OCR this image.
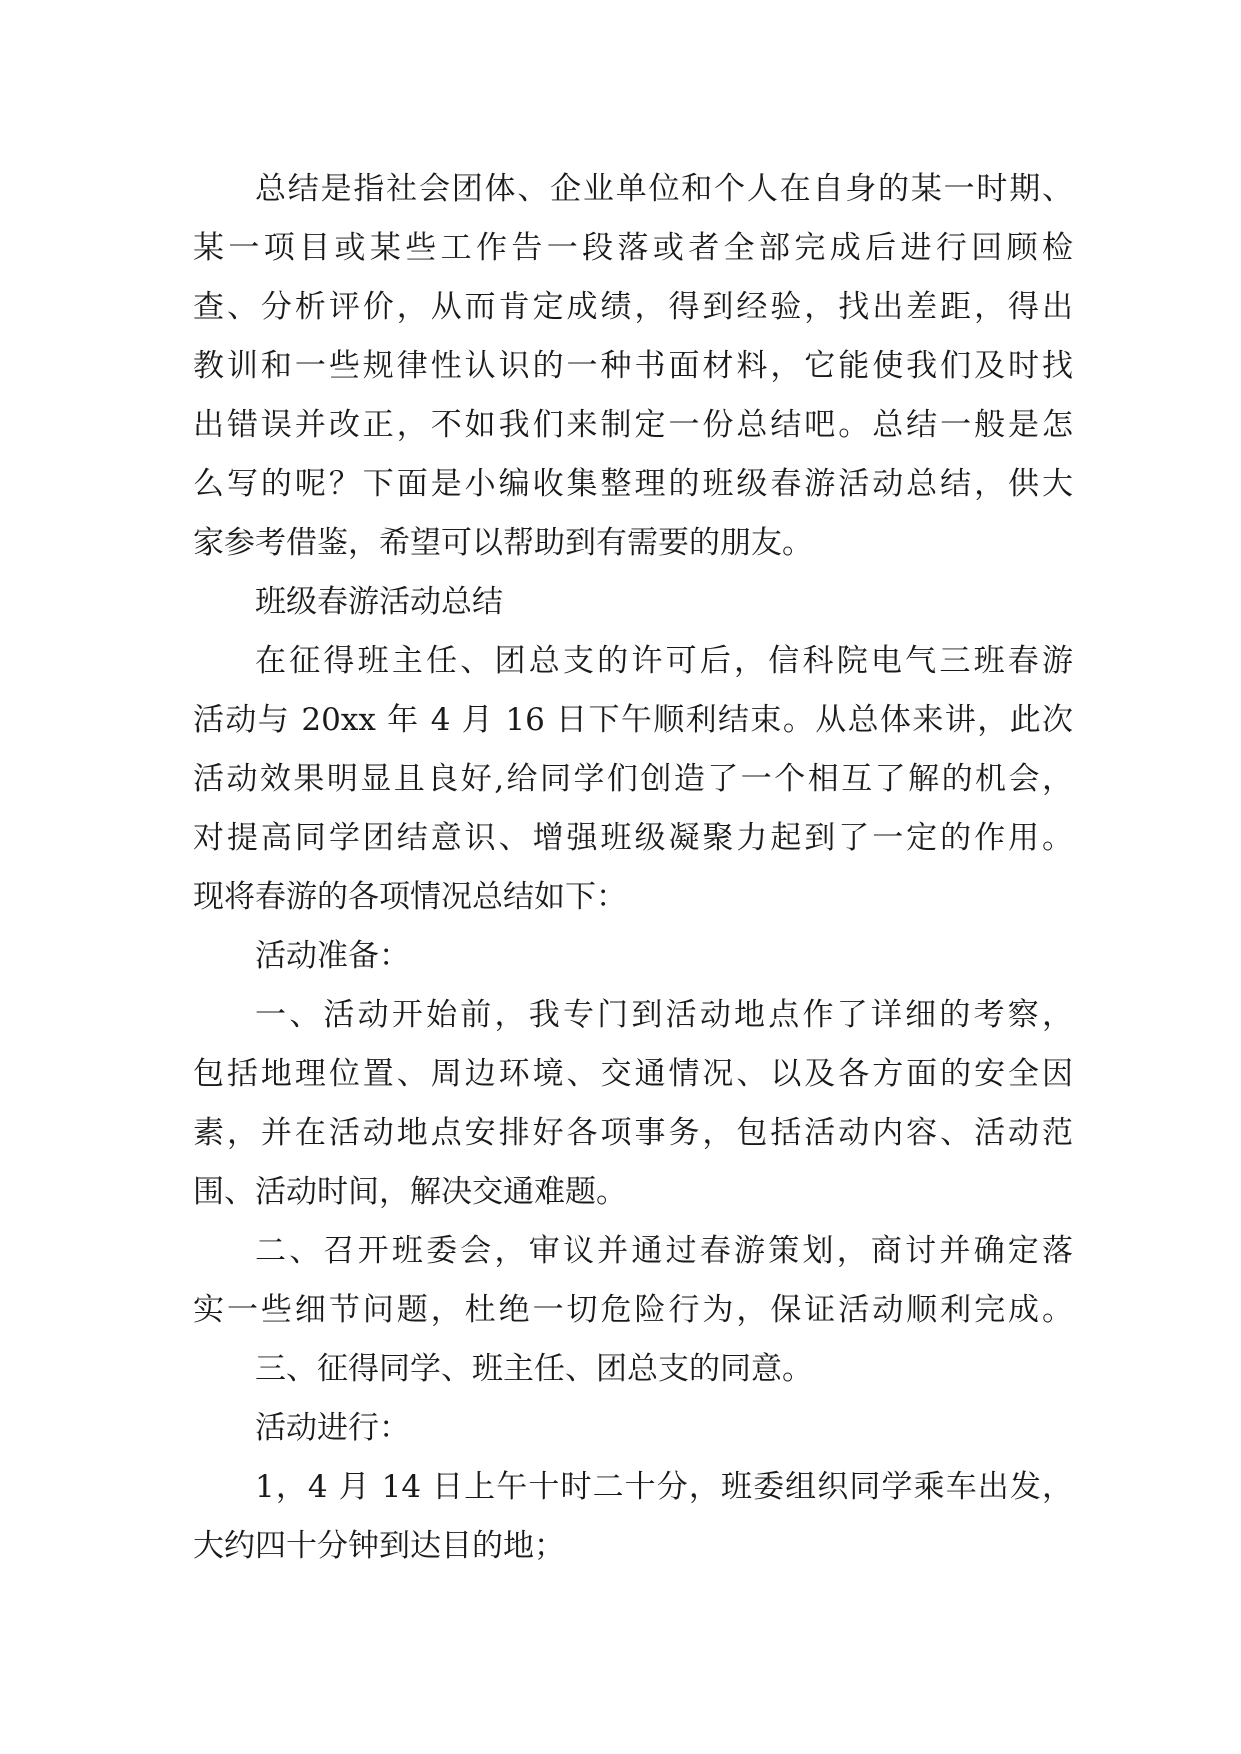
总结是指社会团体、企业单位和个人在自身的某一时期、
某一项目或某些工作告一段落或者全部完成后进行回顾检
查、分析评价，从而肯定成绩，得到经验，找出差距，得出
教训和一些规律性认识的一种书面材料，它能使我们及时找
出错误并改正，不如我们来制定一份总结吧。总结一般是怎
么写的呢？下面是小编收集整理的班级春游活动总结，供大
家参考借鉴，希望可以帮助到有需要的朋友。
班级春游活动总结
在征得班主任、团总支的许可后，信科院电气三班春游
活动与 20xx 年 4 月 16 日下午顺利结束。从总体来讲，此次
活动效果明显且良好,给同学们创造了一个相互了解的机会，
对提高同学团结意识、增强班级凝聚力起到了一定的作用。
现将春游的各项情况总结如下：
活动准备：
一、活动开始前，我专门到活动地点作了详细的考察，
包括地理位置、周边环境、交通情况、以及各方面的安全因
素，并在活动地点安排好各项事务，包括活动内容、活动范
围、活动时间，解决交通难题。
二、召开班委会，审议并通过春游策划，商讨并确定落
实一些细节问题，杜绝一切危险行为，保证活动顺利完成。
三、征得同学、班主任、团总支的同意。
活动进行：
1，4 月 14 日上午十时二十分，班委组织同学乘车出发，
大约四十分钟到达目的地；
